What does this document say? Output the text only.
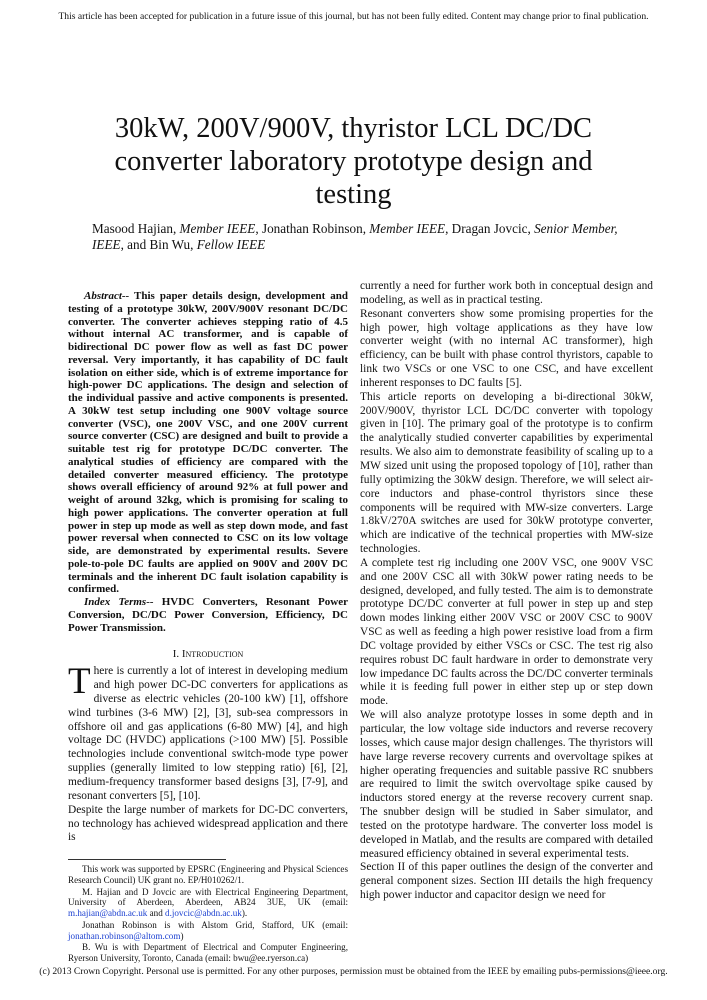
This article has been accepted for publication in a future issue of this journal, but has not been fully edited. Content may change prior to final publication.
30kW, 200V/900V, thyristor LCL DC/DC
converter laboratory prototype design and
testing
Masood Hajian, Member IEEE, Jonathan Robinson, Member IEEE, Dragan Jovcic, Senior Member, IEEE, and Bin Wu, Fellow IEEE

Abstract-- This paper details design, development and testing of a prototype 30kW, 200V/900V resonant DC/DC converter. The converter achieves stepping ratio of 4.5 without internal AC transformer, and is capable of bidirectional DC power flow as well as fast DC power reversal. Very importantly, it has capability of DC fault isolation on either side, which is of extreme importance for high-power DC applications. The design and selection of the individual passive and active components is presented. A 30kW test setup including one 900V voltage source converter (VSC), one 200V VSC, and one 200V current source converter (CSC) are designed and built to provide a suitable test rig for prototype DC/DC converter. The analytical studies of efficiency are compared with the detailed converter measured efficiency. The prototype shows overall efficiency of around 92% at full power and weight of around 32kg, which is promising for scaling to high power applications. The converter operation at full power in step up mode as well as step down mode, and fast power reversal when connected to CSC on its low voltage side, are demonstrated by experimental results. Severe pole-to-pole DC faults are applied on 900V and 200V DC terminals and the inherent DC fault isolation capability is confirmed.

Index Terms-- HVDC Converters, Resonant Power Conversion, DC/DC Power Conversion, Efficiency, DC Power Transmission.

I. Introduction

There is currently a lot of interest in developing medium and high power DC-DC converters for applications as diverse as electric vehicles (20-100 kW) [1], offshore wind turbines (3-6 MW) [2], [3], sub-sea compressors in offshore oil and gas applications (6-80 MW) [4], and high voltage DC (HVDC) applications (>100 MW) [5]. Possible technologies include conventional switch-mode type power supplies (generally limited to low stepping ratio) [6], [2], medium-frequency transformer based designs [3], [7-9], and resonant converters [5], [10].

Despite the large number of markets for DC-DC converters, no technology has achieved widespread application and there is

This work was supported by EPSRC (Engineering and Physical Sciences Research Council) UK grant no. EP/H010262/1.

M. Hajian and D Jovcic are with Electrical Engineering Department, University of Aberdeen, Aberdeen, AB24 3UE, UK (email: m.hajian@abdn.ac.uk and d.jovcic@abdn.ac.uk).

Jonathan Robinson is with Alstom Grid, Stafford, UK (email: jonathan.robinson@altom.com)

B. Wu is with Department of Electrical and Computer Engineering, Ryerson University, Toronto, Canada (email: bwu@ee.ryerson.ca)

currently a need for further work both in conceptual design and modeling, as well as in practical testing.

Resonant converters show some promising properties for the high power, high voltage applications as they have low converter weight (with no internal AC transformer), high efficiency, can be built with phase control thyristors, capable to link two VSCs or one VSC to one CSC, and have excellent inherent responses to DC faults [5].

This article reports on developing a bi-directional 30kW, 200V/900V, thyristor LCL DC/DC converter with topology given in [10]. The primary goal of the prototype is to confirm the analytically studied converter capabilities by experimental results. We also aim to demonstrate feasibility of scaling up to a MW sized unit using the proposed topology of [10], rather than fully optimizing the 30kW design. Therefore, we will select air-core inductors and phase-control thyristors since these components will be required with MW-size converters. Large 1.8kV/270A switches are used for 30kW prototype converter, which are indicative of the technical properties with MW-size technologies.

A complete test rig including one 200V VSC, one 900V VSC and one 200V CSC all with 30kW power rating needs to be designed, developed, and fully tested. The aim is to demonstrate prototype DC/DC converter at full power in step up and step down modes linking either 200V VSC or 200V CSC to 900V VSC as well as feeding a high power resistive load from a firm DC voltage provided by either VSCs or CSC. The test rig also requires robust DC fault hardware in order to demonstrate very low impedance DC faults across the DC/DC converter terminals while it is feeding full power in either step up or step down mode.

We will also analyze prototype losses in some depth and in particular, the low voltage side inductors and reverse recovery losses, which cause major design challenges. The thyristors will have large reverse recovery currents and overvoltage spikes at higher operating frequencies and suitable passive RC snubbers are required to limit the switch overvoltage spike caused by inductors stored energy at the reverse recovery current snap. The snubber design will be studied in Saber simulator, and tested on the prototype hardware. The converter loss model is developed in Matlab, and the results are compared with detailed measured efficiency obtained in several experimental tests.

Section II of this paper outlines the design of the converter and general component sizes. Section III details the high frequency high power inductor and capacitor design we need for

(c) 2013 Crown Copyright. Personal use is permitted. For any other purposes, permission must be obtained from the IEEE by emailing pubs-permissions@ieee.org.
